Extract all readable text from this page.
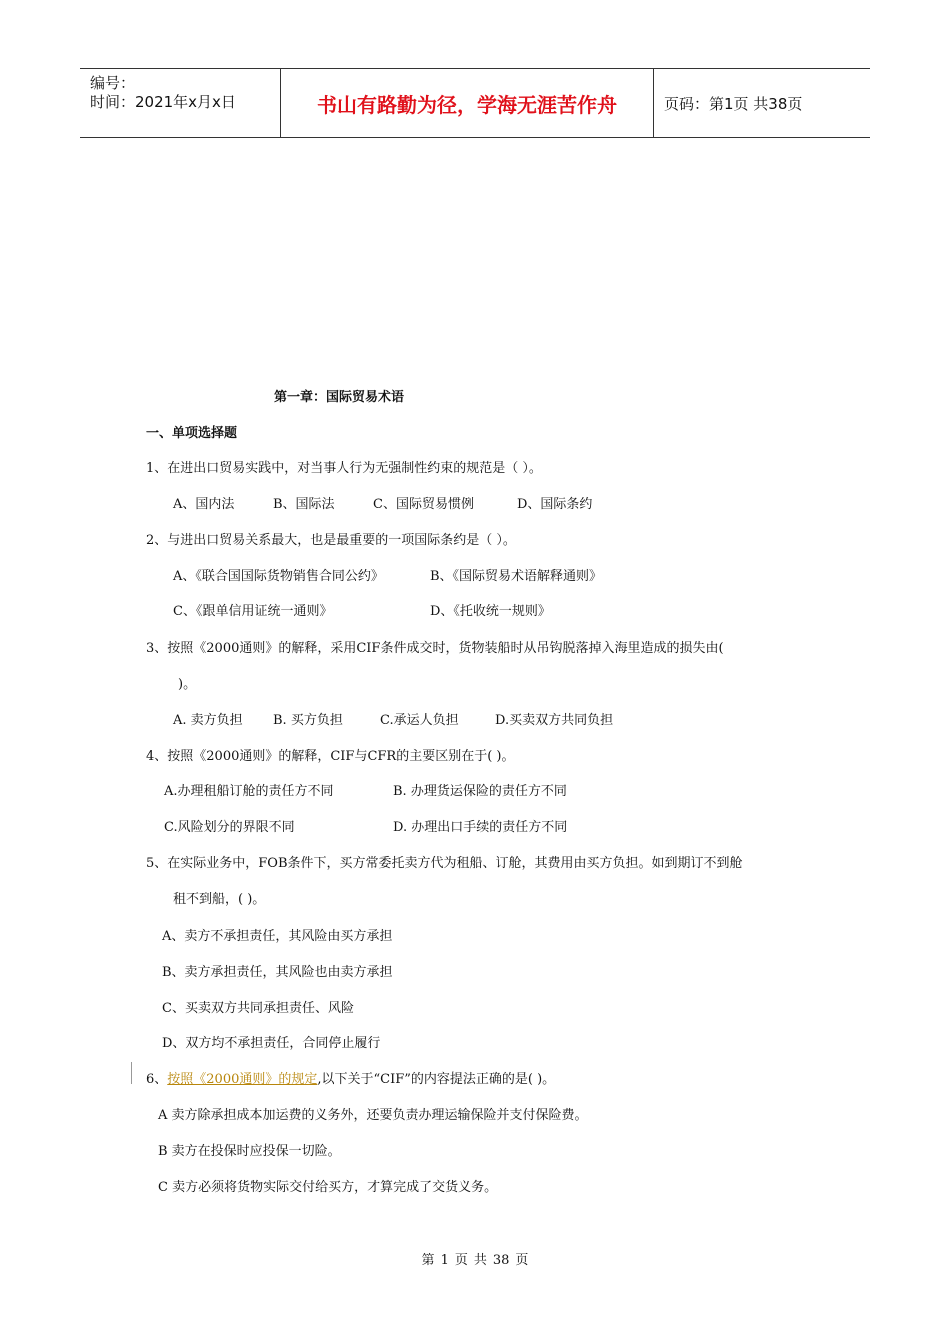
编号：
时间：2021年x月x日	书山有路勤为径，学海无涯苦作舟	页码：第1页 共38页
第一章：国际贸易术语
一、单项选择题
1、在进出口贸易实践中，对当事人行为无强制性约束的规范是（ ）。
A、国内法	B、国际法	C、国际贸易惯例	D、国际条约
2、与进出口贸易关系最大，也是最重要的一项国际条约是（ ）。
A、《联合国国际货物销售合同公约》	B、《国际贸易术语解释通则》
C、《跟单信用证统一通则》	D、《托收统一规则》
3、按照《2000通则》的解释，采用CIF条件成交时，货物装船时从吊钩脱落掉入海里造成的损失由(
)。
A. 卖方负担 B. 买方负担	C.承运人负担	D.买卖双方共同负担
4、按照《2000通则》的解释，CIF与CFR的主要区别在于( )。
A.办理租船订舱的责任方不同	B. 办理货运保险的责任方不同
C.风险划分的界限不同	D. 办理出口手续的责任方不同
5、在实际业务中，FOB条件下，买方常委托卖方代为租船、订舱，其费用由买方负担。如到期订不到舱
租不到船，( )。
A、卖方不承担责任，其风险由买方承担
B、卖方承担责任，其风险也由卖方承担
C、买卖双方共同承担责任、风险
D、双方均不承担责任，合同停止履行
6、按照《2000通则》的规定,以下关于“CIF”的内容提法正确的是( )。
A 卖方除承担成本加运费的义务外，还要负责办理运输保险并支付保险费。
B 卖方在投保时应投保一切险。
C 卖方必须将货物实际交付给买方，才算完成了交货义务。
第 1 页 共 38 页
